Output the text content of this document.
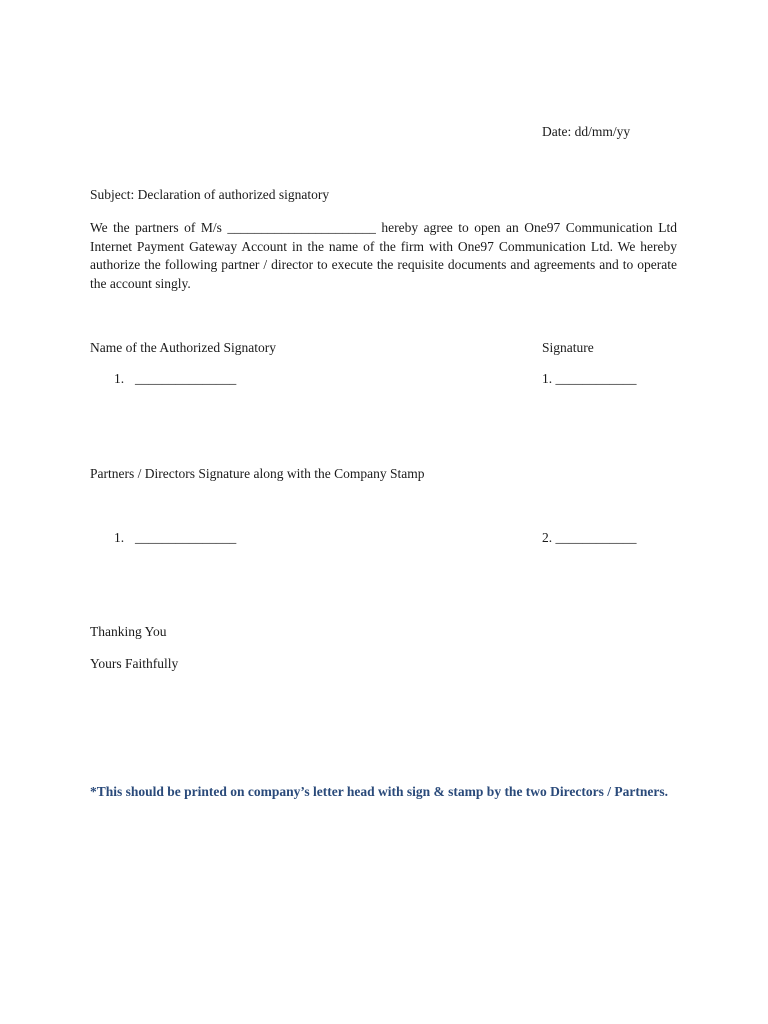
Date: dd/mm/yy
Subject: Declaration of authorized signatory
We the partners of M/s ______________________ hereby agree to open an One97 Communication Ltd Internet Payment Gateway Account in the name of the firm with One97 Communication Ltd. We hereby authorize the following partner / director to execute the requisite documents and agreements and to operate the account singly.
Name of the Authorized Signatory	Signature
1. _______________	1. ____________
Partners / Directors Signature along with the Company Stamp
1. _______________	2. ____________
Thanking You
Yours Faithfully
*This should be printed on company’s letter head with sign & stamp by the two Directors / Partners.
